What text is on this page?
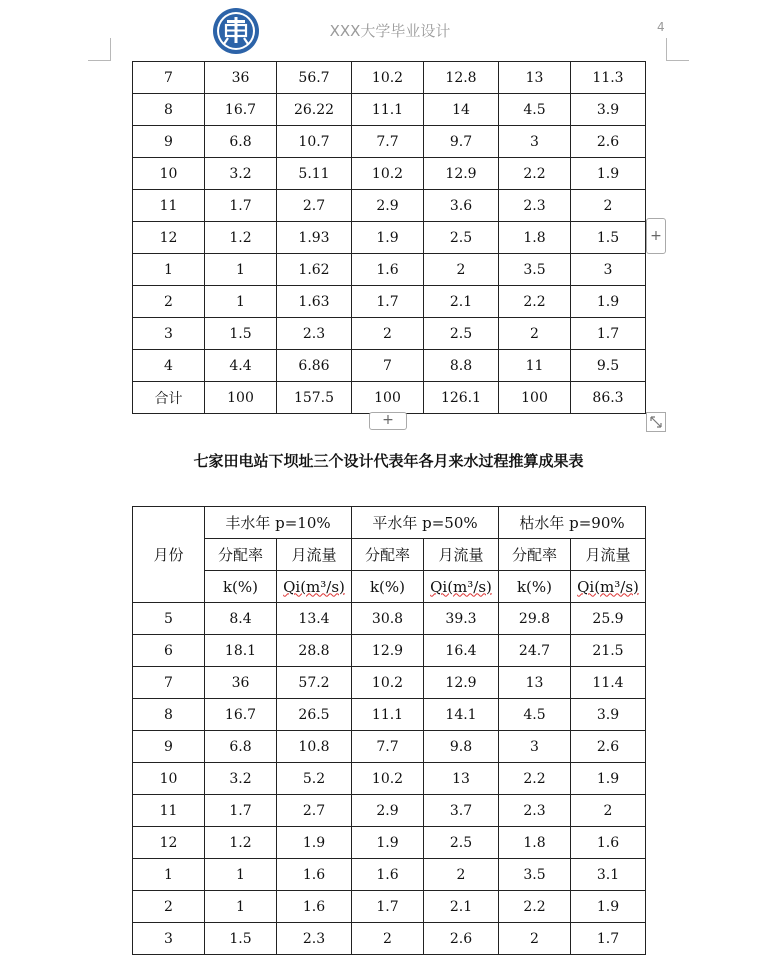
XXX大学毕业设计	4
7	36	56.7	10.2	12.8	13	11.3
8	16.7	26.22	11.1	14	4.5	3.9
9	6.8	10.7	7.7	9.7	3	2.6
10	3.2	5.11	10.2	12.9	2.2	1.9
11	1.7	2.7	2.9	3.6	2.3	2
12	1.2	1.93	1.9	2.5	1.8	1.5
1	1	1.62	1.6	2	3.5	3
2	1	1.63	1.7	2.1	2.2	1.9
3	1.5	2.3	2	2.5	2	1.7
4	4.4	6.86	7	8.8	11	9.5
合计	100	157.5	100	126.1	100	86.3
+
+
七家田电站下坝址三个设计代表年各月来水过程推算成果表
月份	丰水年 p=10%		平水年 p=50%		枯水年 p=90%	
	分配率	月流量	分配率	月流量	分配率	月流量
	k(%)	Qi(m³/s)	k(%)	Qi(m³/s)	k(%)	Qi(m³/s)
5	8.4	13.4	30.8	39.3	29.8	25.9
6	18.1	28.8	12.9	16.4	24.7	21.5
7	36	57.2	10.2	12.9	13	11.4
8	16.7	26.5	11.1	14.1	4.5	3.9
9	6.8	10.8	7.7	9.8	3	2.6
10	3.2	5.2	10.2	13	2.2	1.9
11	1.7	2.7	2.9	3.7	2.3	2
12	1.2	1.9	1.9	2.5	1.8	1.6
1	1	1.6	1.6	2	3.5	3.1
2	1	1.6	1.7	2.1	2.2	1.9
3	1.5	2.3	2	2.6	2	1.7
